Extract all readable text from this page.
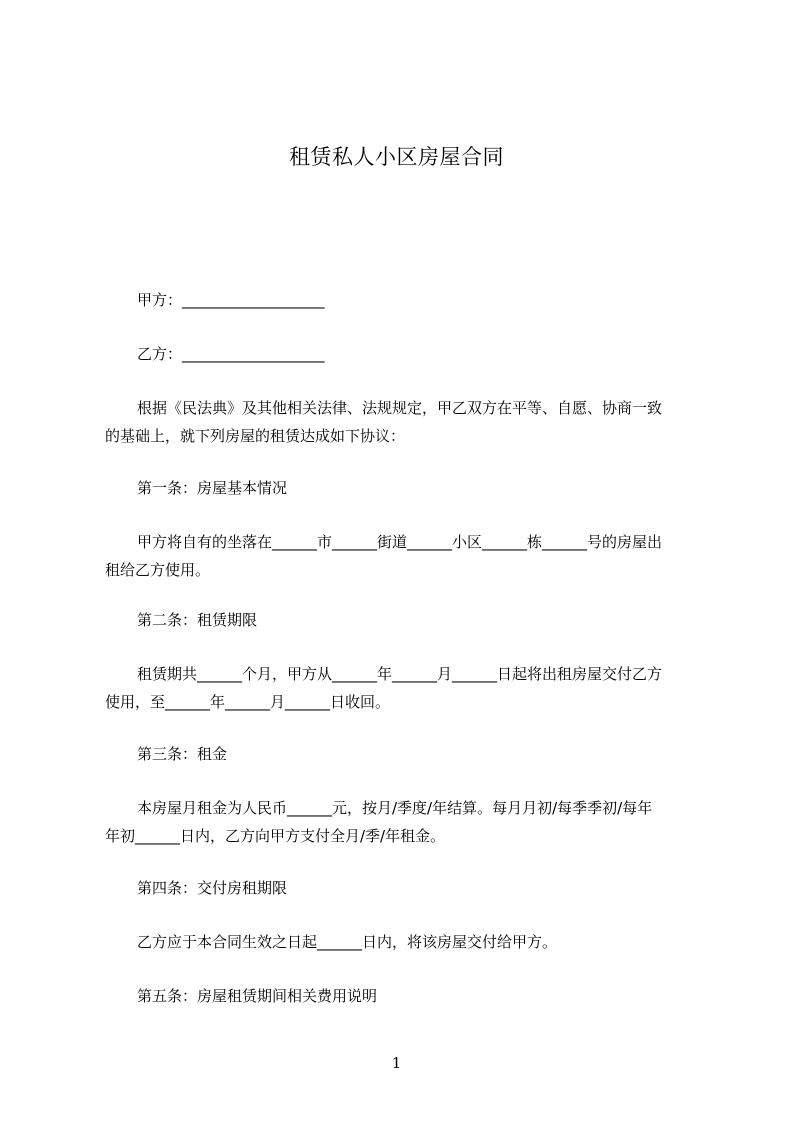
租赁私人小区房屋合同
甲方：___________________
乙方：___________________
根据《民法典》及其他相关法律、法规规定，甲乙双方在平等、自愿、协商一致
的基础上，就下列房屋的租赁达成如下协议：
第一条：房屋基本情况
甲方将自有的坐落在______市______街道______小区______栋______号的房屋出
租给乙方使用。
第二条：租赁期限
租赁期共______个月，甲方从______年______月______日起将出租房屋交付乙方
使用，至______年______月______日收回。
第三条：租金
本房屋月租金为人民币______元，按月/季度/年结算。每月月初/每季季初/每年
年初______日内，乙方向甲方支付全月/季/年租金。
第四条：交付房租期限
乙方应于本合同生效之日起______日内，将该房屋交付给甲方。
第五条：房屋租赁期间相关费用说明
1
